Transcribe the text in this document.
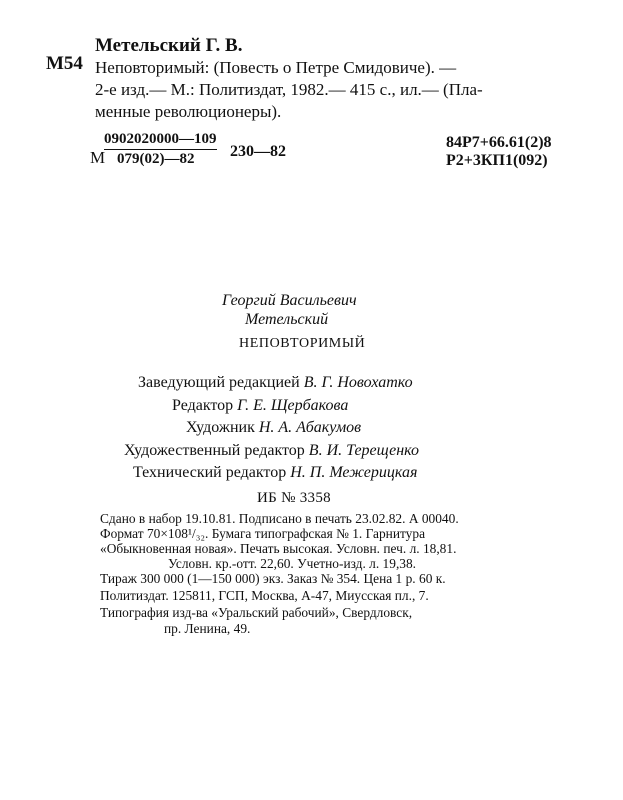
М54
Метельский Г. В.
Неповторимый: (Повесть о Петре Смидовиче). —
2-е изд.— М.: Политиздат, 1982.— 415 с., ил.— (Пла-
менные революционеры).
М
0902020000—109
079(02)—82 230—82
84Р7+66.61(2)8
Р2+3КП1(092)
Георгий Васильевич
Метельский
НЕПОВТОРИМЫЙ
Заведующий редакцией В. Г. Новохатко
Редактор Г. Е. Щербакова
Художник Н. А. Абакумов
Художественный редактор В. И. Терещенко
Технический редактор Н. П. Межерицкая
ИБ № 3358
Сдано в набор 19.10.81. Подписано в печать 23.02.82. А 00040.
Формат 70×108¹/₃₂. Бумага типографская № 1. Гарнитура
«Обыкновенная новая». Печать высокая. Условн. печ. л. 18,81.
Условн. кр.-отт. 22,60. Учетно-изд. л. 19,38.
Тираж 300 000 (1—150 000) экз. Заказ № 354. Цена 1 р. 60 к.
Политиздат. 125811, ГСП, Москва, А-47, Миусская пл., 7.
Типография изд-ва «Уральский рабочий», Свердловск,
пр. Ленина, 49.
